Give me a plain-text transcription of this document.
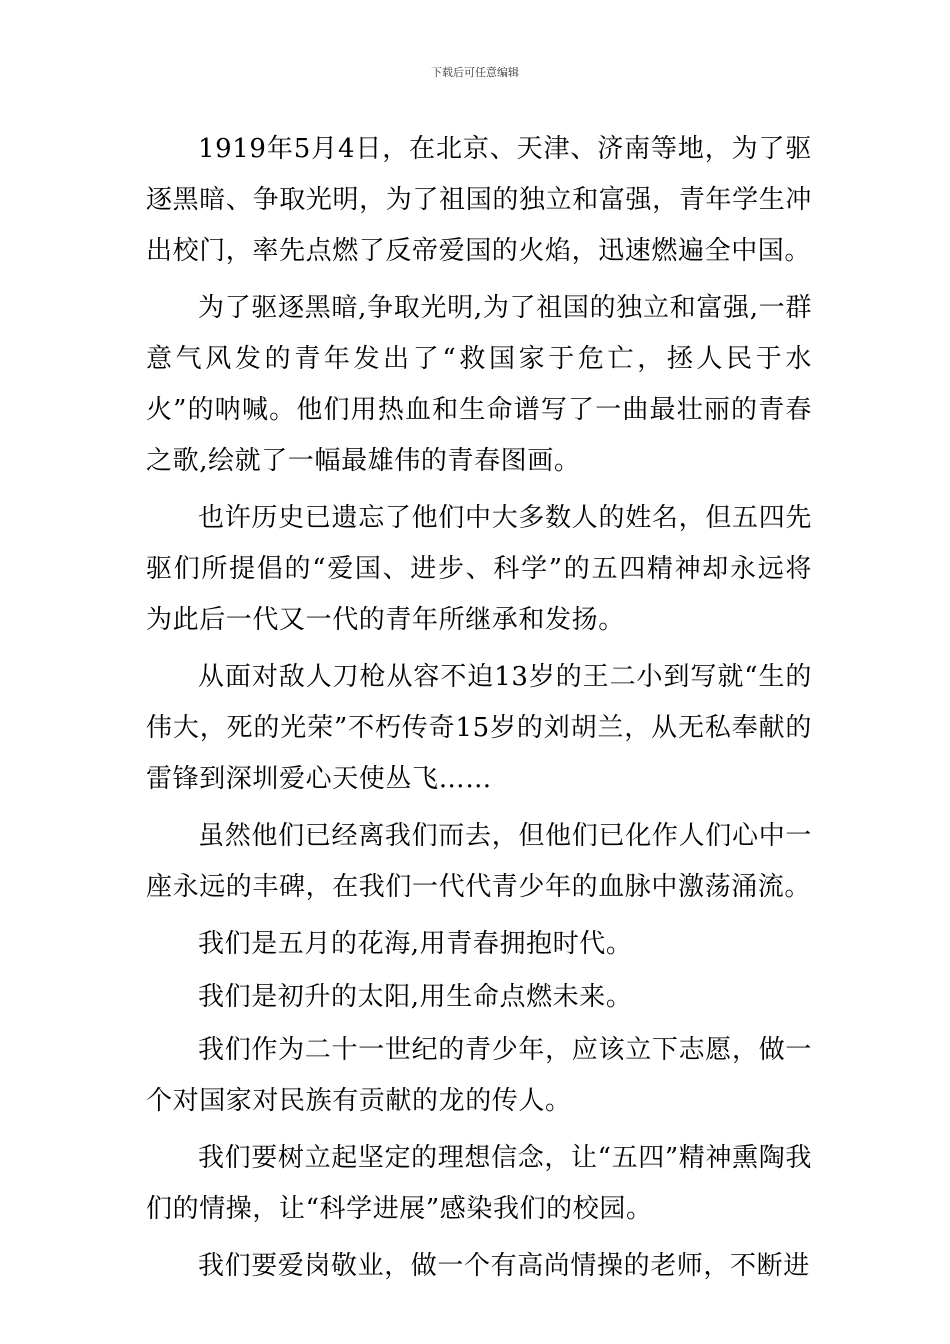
下载后可任意编辑

1919年5月4日，在北京、天津、济南等地，为了驱逐黑暗、争取光明，为了祖国的独立和富强，青年学生冲出校门，率先点燃了反帝爱国的火焰，迅速燃遍全中国。

为了驱逐黑暗,争取光明,为了祖国的独立和富强,一群意气风发的青年发出了“救国家于危亡，拯人民于水火”的呐喊。他们用热血和生命谱写了一曲最壮丽的青春之歌,绘就了一幅最雄伟的青春图画。

也许历史已遗忘了他们中大多数人的姓名，但五四先驱们所提倡的“爱国、进步、科学”的五四精神却永远将为此后一代又一代的青年所继承和发扬。

从面对敌人刀枪从容不迫13岁的王二小到写就“生的伟大，死的光荣”不朽传奇15岁的刘胡兰，从无私奉献的雷锋到深圳爱心天使丛飞……

虽然他们已经离我们而去，但他们已化作人们心中一座永远的丰碑，在我们一代代青少年的血脉中激荡涌流。

我们是五月的花海,用青春拥抱时代。

我们是初升的太阳,用生命点燃未来。

我们作为二十一世纪的青少年，应该立下志愿，做一个对国家对民族有贡献的龙的传人。

我们要树立起坚定的理想信念，让“五四”精神熏陶我们的情操，让“科学进展”感染我们的校园。

我们要爱岗敬业，做一个有高尚情操的老师，不断进
